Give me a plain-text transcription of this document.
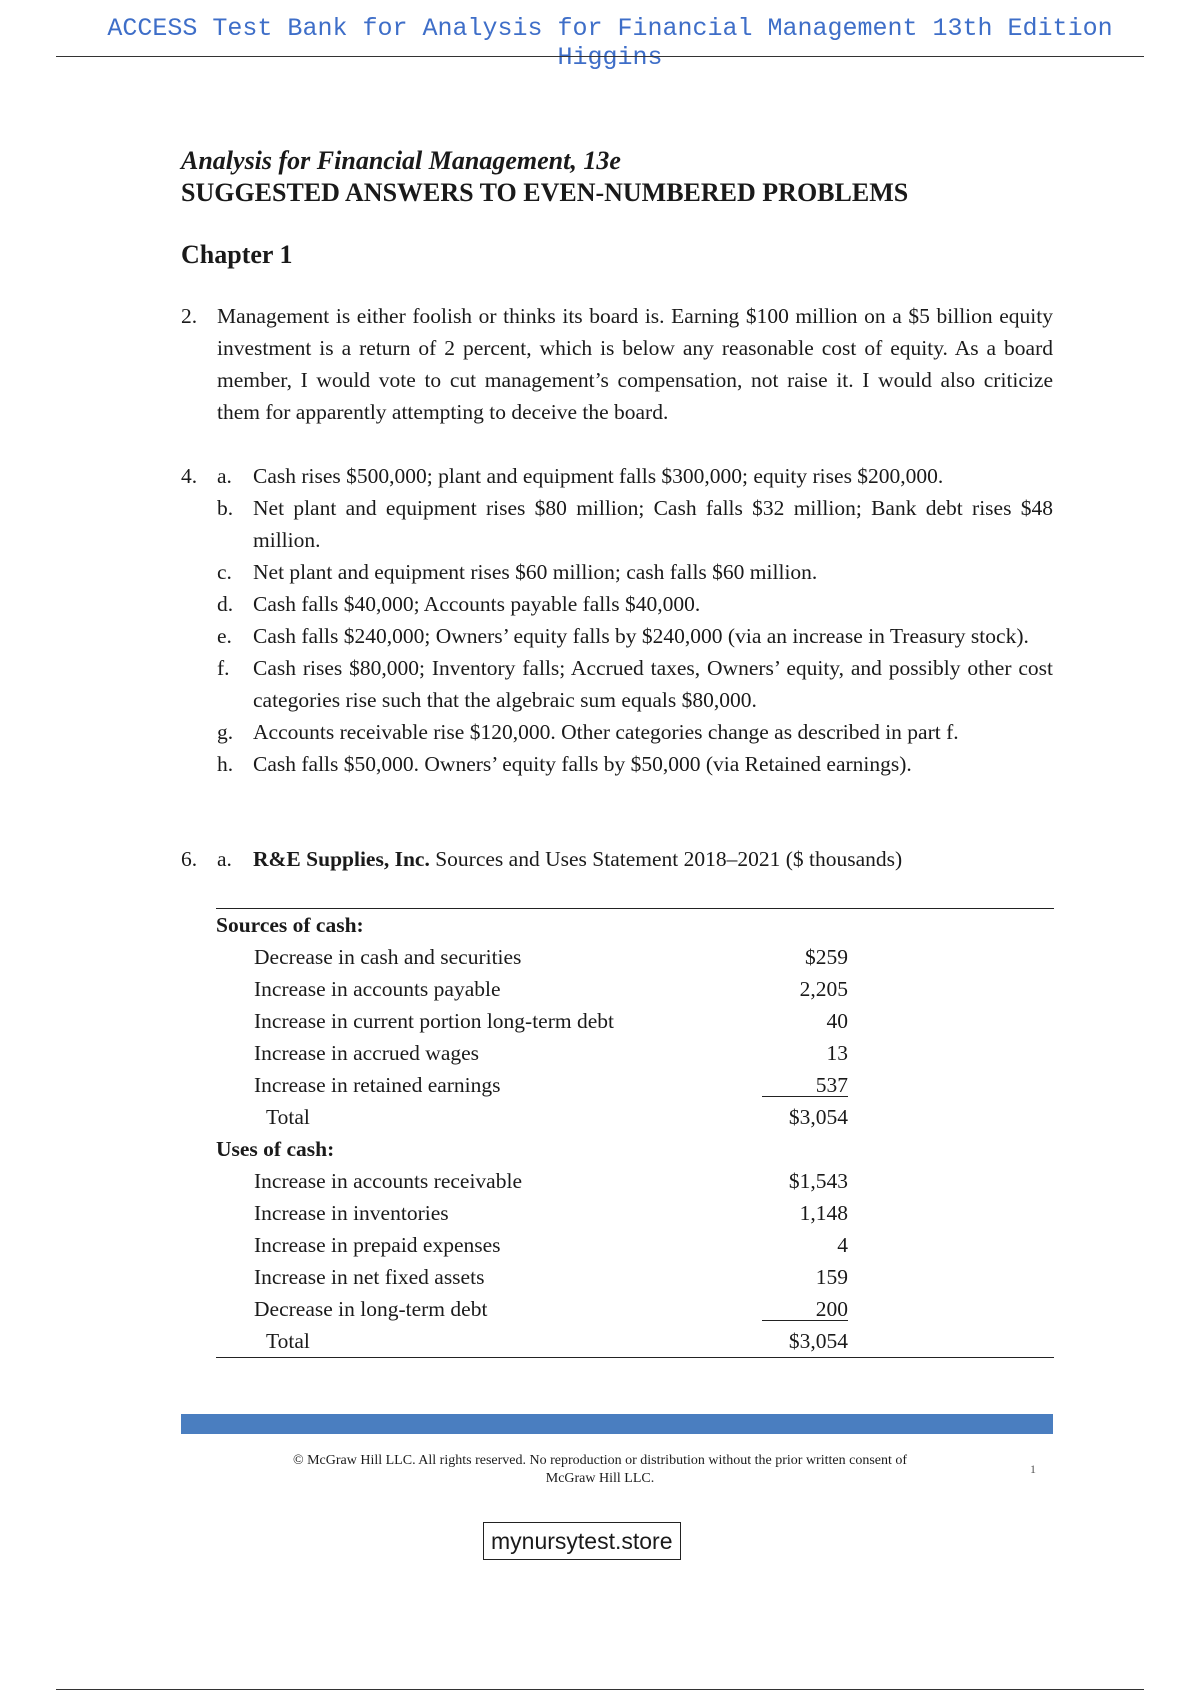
ACCESS Test Bank for Analysis for Financial Management 13th Edition
Higgins
Analysis for Financial Management, 13e
SUGGESTED ANSWERS TO EVEN-NUMBERED PROBLEMS
Chapter 1
2. Management is either foolish or thinks its board is. Earning $100 million on a $5 billion equity investment is a return of 2 percent, which is below any reasonable cost of equity. As a board member, I would vote to cut management’s compensation, not raise it. I would also criticize them for apparently attempting to deceive the board.
4. a. Cash rises $500,000; plant and equipment falls $300,000; equity rises $200,000.
b. Net plant and equipment rises $80 million; Cash falls $32 million; Bank debt rises $48 million.
c. Net plant and equipment rises $60 million; cash falls $60 million.
d. Cash falls $40,000; Accounts payable falls $40,000.
e. Cash falls $240,000; Owners’ equity falls by $240,000 (via an increase in Treasury stock).
f. Cash rises $80,000; Inventory falls; Accrued taxes, Owners’ equity, and possibly other cost categories rise such that the algebraic sum equals $80,000.
g. Accounts receivable rise $120,000. Other categories change as described in part f.
h. Cash falls $50,000. Owners’ equity falls by $50,000 (via Retained earnings).
6. a. R&E Supplies, Inc. Sources and Uses Statement 2018–2021 ($ thousands)
Sources of cash:
Decrease in cash and securities	$259
Increase in accounts payable	2,205
Increase in current portion long-term debt	40
Increase in accrued wages	13
Increase in retained earnings	537
Total	$3,054
Uses of cash:
Increase in accounts receivable	$1,543
Increase in inventories	1,148
Increase in prepaid expenses	4
Increase in net fixed assets	159
Decrease in long-term debt	200
Total	$3,054
© McGraw Hill LLC. All rights reserved. No reproduction or distribution without the prior written consent of
McGraw Hill LLC.
1
mynursytest.store
